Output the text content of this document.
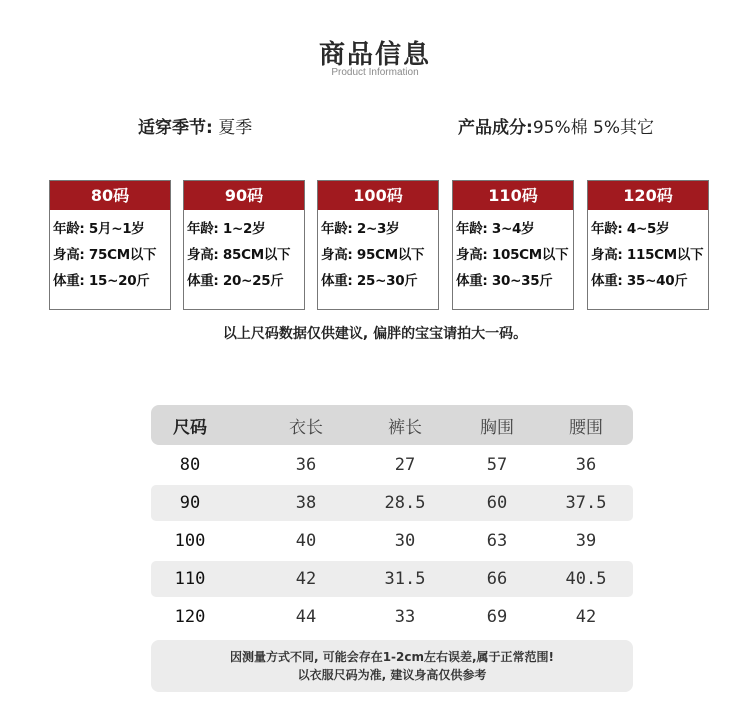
商品信息
Product Information
适穿季节: 夏季	产品成分:95%棉 5%其它
80码
年龄: 5月~1岁
身高: 75CM以下
体重: 15~20斤
90码
年龄: 1~2岁
身高: 85CM以下
体重: 20~25斤
100码
年龄: 2~3岁
身高: 95CM以下
体重: 25~30斤
110码
年龄: 3~4岁
身高: 105CM以下
体重: 30~35斤
120码
年龄: 4~5岁
身高: 115CM以下
体重: 35~40斤
以上尺码数据仅供建议, 偏胖的宝宝请拍大一码。
尺码	衣长	裤长	胸围	腰围
80	36	27	57	36
90	38	28.5	60	37.5
100	40	30	63	39
110	42	31.5	66	40.5
120	44	33	69	42
因测量方式不同, 可能会存在1-2cm左右误差,属于正常范围!
以衣服尺码为准, 建议身高仅供参考
